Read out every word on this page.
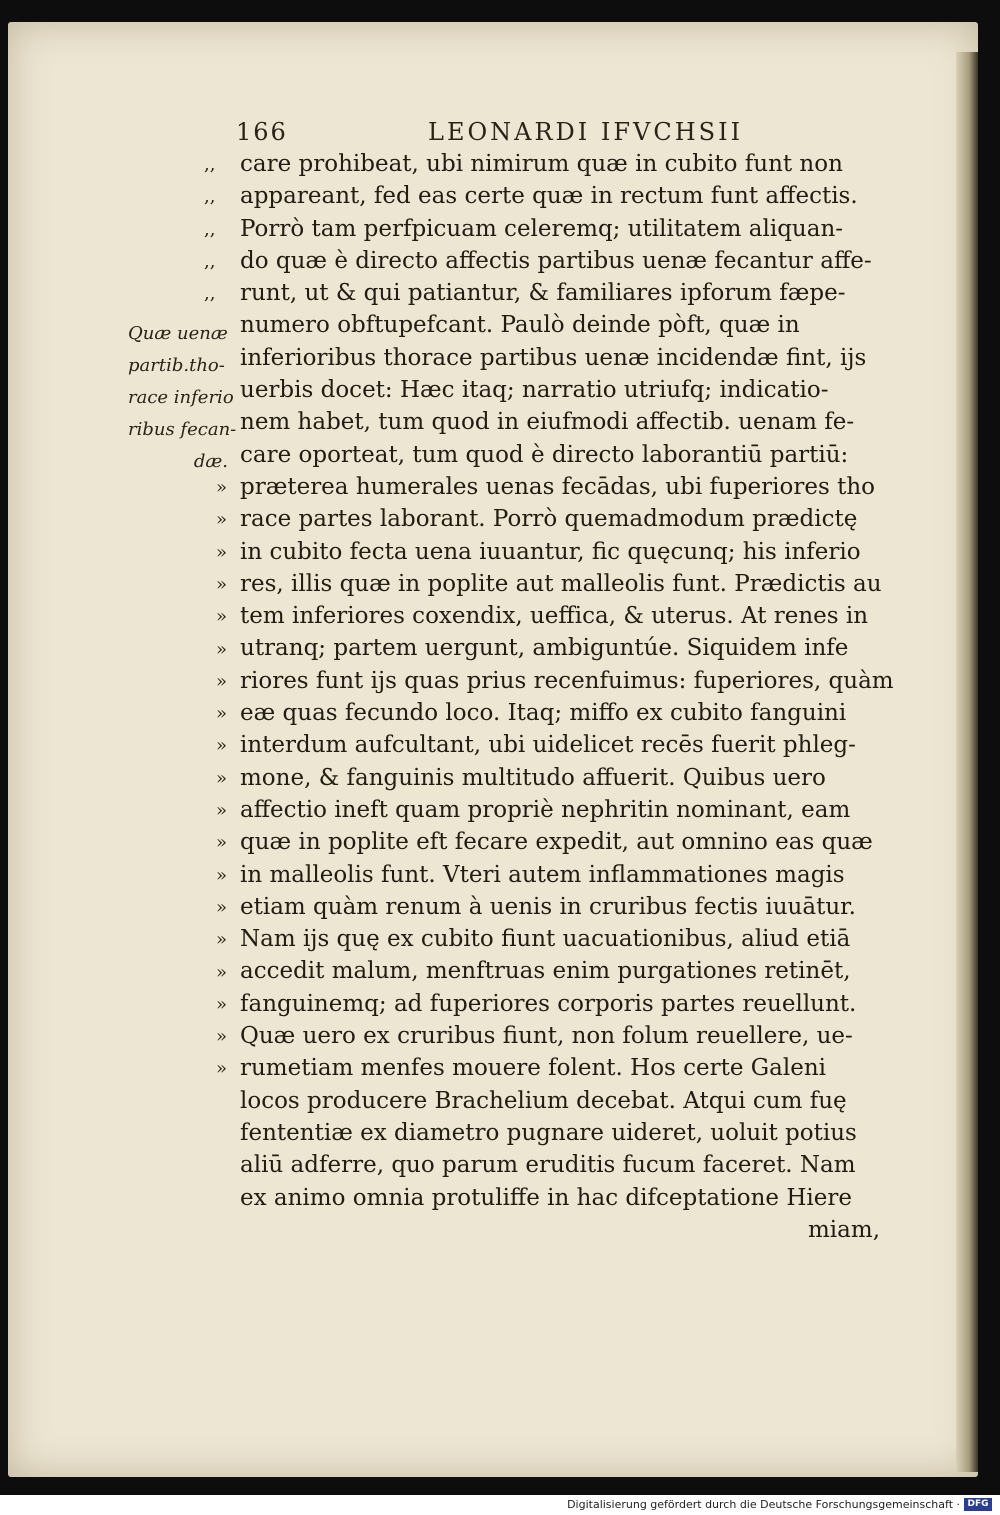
166	LEONARDI IFVCHSII
Quæ uenæ
partib.tho-
race inferio
ribus fecan-
dæ.
,,
,,
,,
,,
,,
»
»
»
»
»
»
»
»
»
»
»
»
»
»
»
»
»
»
»
care prohibeat, ubi nimirum quæ in cubito funt non
appareant, fed eas certe quæ in rectum funt affectis.
Porrò tam perfpicuam celeremq; utilitatem aliquan-
do quæ è directo affectis partibus uenæ fecantur affe-
runt, ut & qui patiantur, & familiares ipforum fæpe-
numero obftupefcant. Paulò deinde pòft, quæ in
inferioribus thorace partibus uenæ incidendæ fint, ijs
uerbis docet: Hæc itaq; narratio utriufq; indicatio-
nem habet, tum quod in eiufmodi affectib. uenam fe-
care oporteat, tum quod è directo laborantiū partiū:
præterea humerales uenas fecādas, ubi fuperiores tho
race partes laborant. Porrò quemadmodum prædictę
in cubito fecta uena iuuantur, fic quęcunq; his inferio
res, illis quæ in poplite aut malleolis funt. Prædictis au
tem inferiores coxendix, ueffica, & uterus. At renes in
utranq; partem uergunt, ambiguntúe. Siquidem infe
riores funt ijs quas prius recenfuimus: fuperiores, quàm
eæ quas fecundo loco. Itaq; miffo ex cubito fanguini
interdum aufcultant, ubi uidelicet recēs fuerit phleg-
mone, & fanguinis multitudo affuerit. Quibus uero
affectio ineft quam propriè nephritin nominant, eam
quæ in poplite eft fecare expedit, aut omnino eas quæ
in malleolis funt. Vteri autem inflammationes magis
etiam quàm renum à uenis in cruribus fectis iuuātur.
Nam ijs quę ex cubito fiunt uacuationibus, aliud etiā
accedit malum, menftruas enim purgationes retinēt,
fanguinemq; ad fuperiores corporis partes reuellunt.
Quæ uero ex cruribus fiunt, non folum reuellere, ue-
rumetiam menfes mouere folent. Hos certe Galeni
locos producere Brachelium decebat. Atqui cum fuę
fententiæ ex diametro pugnare uideret, uoluit potius
aliū adferre, quo parum eruditis fucum faceret. Nam
ex animo omnia protuliffe in hac difceptatione Hiere
miam,
Digitalisierung gefördert durch die Deutsche Forschungsgemeinschaft · DFG
